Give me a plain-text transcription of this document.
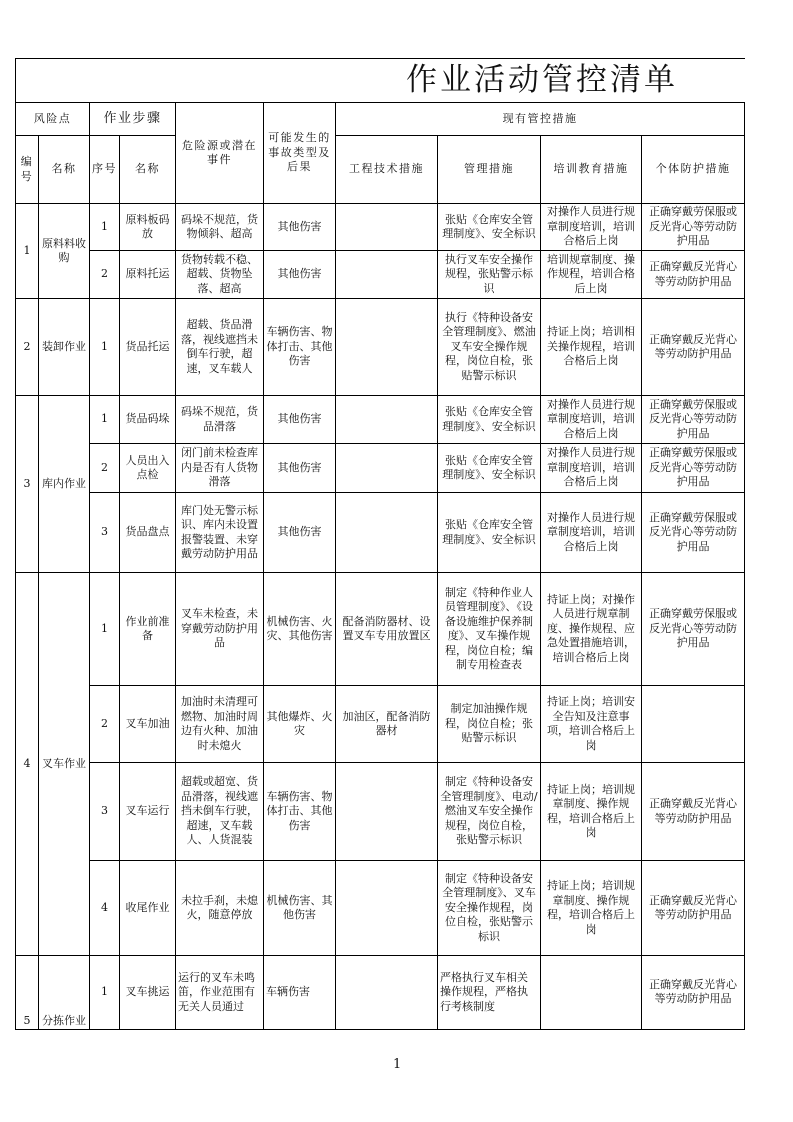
作业活动管控清单									
风险点		作业步骤		危险源或潜在事件	可能发生的事故类型及后果	现有管控措施			
编号	名称	序号	名称			工程技术措施	管理措施	培训教育措施	个体防护措施
1	原料料收购	1	原料板码放	码垛不规范，货物倾斜、超高	其他伤害		张贴《仓库安全管理制度》、安全标识	对操作人员进行规章制度培训，培训合格后上岗	正确穿戴劳保服或反光背心等劳动防护用品
		2	原料托运	货物转载不稳、超载、货物坠落、超高	其他伤害		执行叉车安全操作规程，张贴警示标识	培训规章制度、操作规程，培训合格后上岗	正确穿戴反光背心等劳动防护用品
2	装卸作业	1	货品托运	超载、货品滑落，视线遮挡未倒车行驶，超速，叉车载人	车辆伤害、物体打击、其他伤害		执行《特种设备安全管理制度》、燃油叉车安全操作规程，岗位自检，张贴警示标识	持证上岗；培训相关操作规程，培训合格后上岗	正确穿戴反光背心等劳动防护用品
3	库内作业	1	货品码垛	码垛不规范，货品滑落	其他伤害		张贴《仓库安全管理制度》、安全标识	对操作人员进行规章制度培训，培训合格后上岗	正确穿戴劳保服或反光背心等劳动防护用品
		2	人员出入点检	闭门前未检查库内是否有人货物滑落	其他伤害		张贴《仓库安全管理制度》、安全标识	对操作人员进行规章制度培训，培训合格后上岗	正确穿戴劳保服或反光背心等劳动防护用品
		3	货品盘点	库门处无警示标识、库内未设置报警装置、未穿戴劳动防护用品	其他伤害		张贴《仓库安全管理制度》、安全标识	对操作人员进行规章制度培训，培训合格后上岗	正确穿戴劳保服或反光背心等劳动防护用品
4	叉车作业	1	作业前准备	叉车未检查，未穿戴劳动防护用品	机械伤害、火灾、其他伤害	配备消防器材、设置叉车专用放置区	制定《特种作业人员管理制度》、《设备设施维护保养制度》、叉车操作规程，岗位自检；编制专用检查表	持证上岗；对操作人员进行规章制度、操作规程、应急处置措施培训，培训合格后上岗	正确穿戴劳保服或反光背心等劳动防护用品
		2	叉车加油	加油时未清理可燃物、加油时周边有火种、加油时未熄火	其他爆炸、火灾	加油区，配备消防器材	制定加油操作规程，岗位自检；张贴警示标识	持证上岗；培训安全告知及注意事项，培训合格后上岗	
		3	叉车运行	超载或超宽、货品滑落，视线遮挡未倒车行驶，超速，叉车载人、人货混装	车辆伤害、物体打击、其他伤害		制定《特种设备安全管理制度》、电动/燃油叉车安全操作规程，岗位自检，张贴警示标识	持证上岗；培训规章制度、操作规程，培训合格后上岗	正确穿戴反光背心等劳动防护用品
		4	收尾作业	未拉手刹，未熄火，随意停放	机械伤害、其他伤害		制定《特种设备安全管理制度》、叉车安全操作规程，岗位自检，张贴警示标识	持证上岗；培训规章制度、操作规程，培训合格后上岗	正确穿戴反光背心等劳动防护用品
5	分拣作业	1	叉车挑运	运行的叉车未鸣笛，作业范围有无关人员通过	车辆伤害		严格执行叉车相关操作规程，严格执行考核制度		正确穿戴反光背心等劳动防护用品
1
